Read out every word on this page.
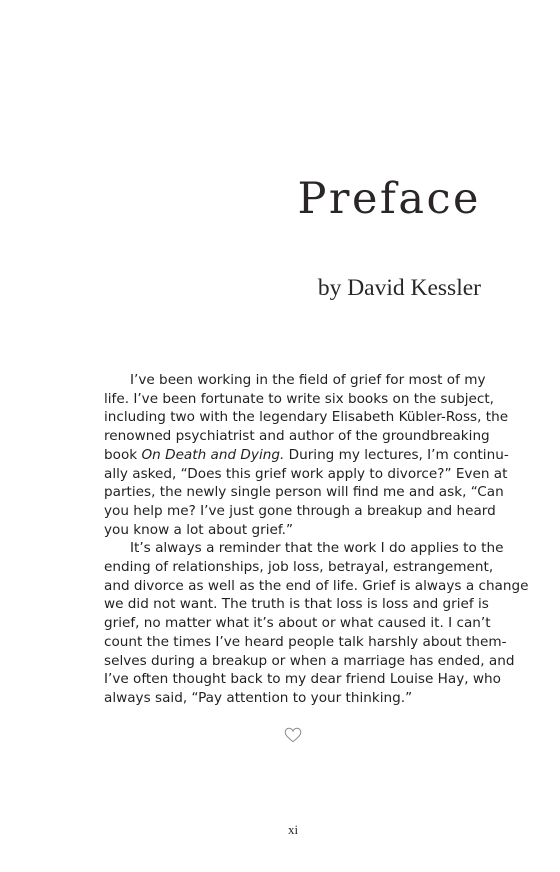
Preface
by David Kessler
I’ve been working in the field of grief for most of my
life. I’ve been fortunate to write six books on the subject,
including two with the legendary Elisabeth Kübler-Ross, the
renowned psychiatrist and author of the groundbreaking
book On Death and Dying. During my lectures, I’m continu-
ally asked, “Does this grief work apply to divorce?” Even at
parties, the newly single person will find me and ask, “Can
you help me? I’ve just gone through a breakup and heard
you know a lot about grief.”
It’s always a reminder that the work I do applies to the
ending of relationships, job loss, betrayal, estrangement,
and divorce as well as the end of life. Grief is always a change
we did not want. The truth is that loss is loss and grief is
grief, no matter what it’s about or what caused it. I can’t
count the times I’ve heard people talk harshly about them-
selves during a breakup or when a marriage has ended, and
I’ve often thought back to my dear friend Louise Hay, who
always said, “Pay attention to your thinking.”
xi
